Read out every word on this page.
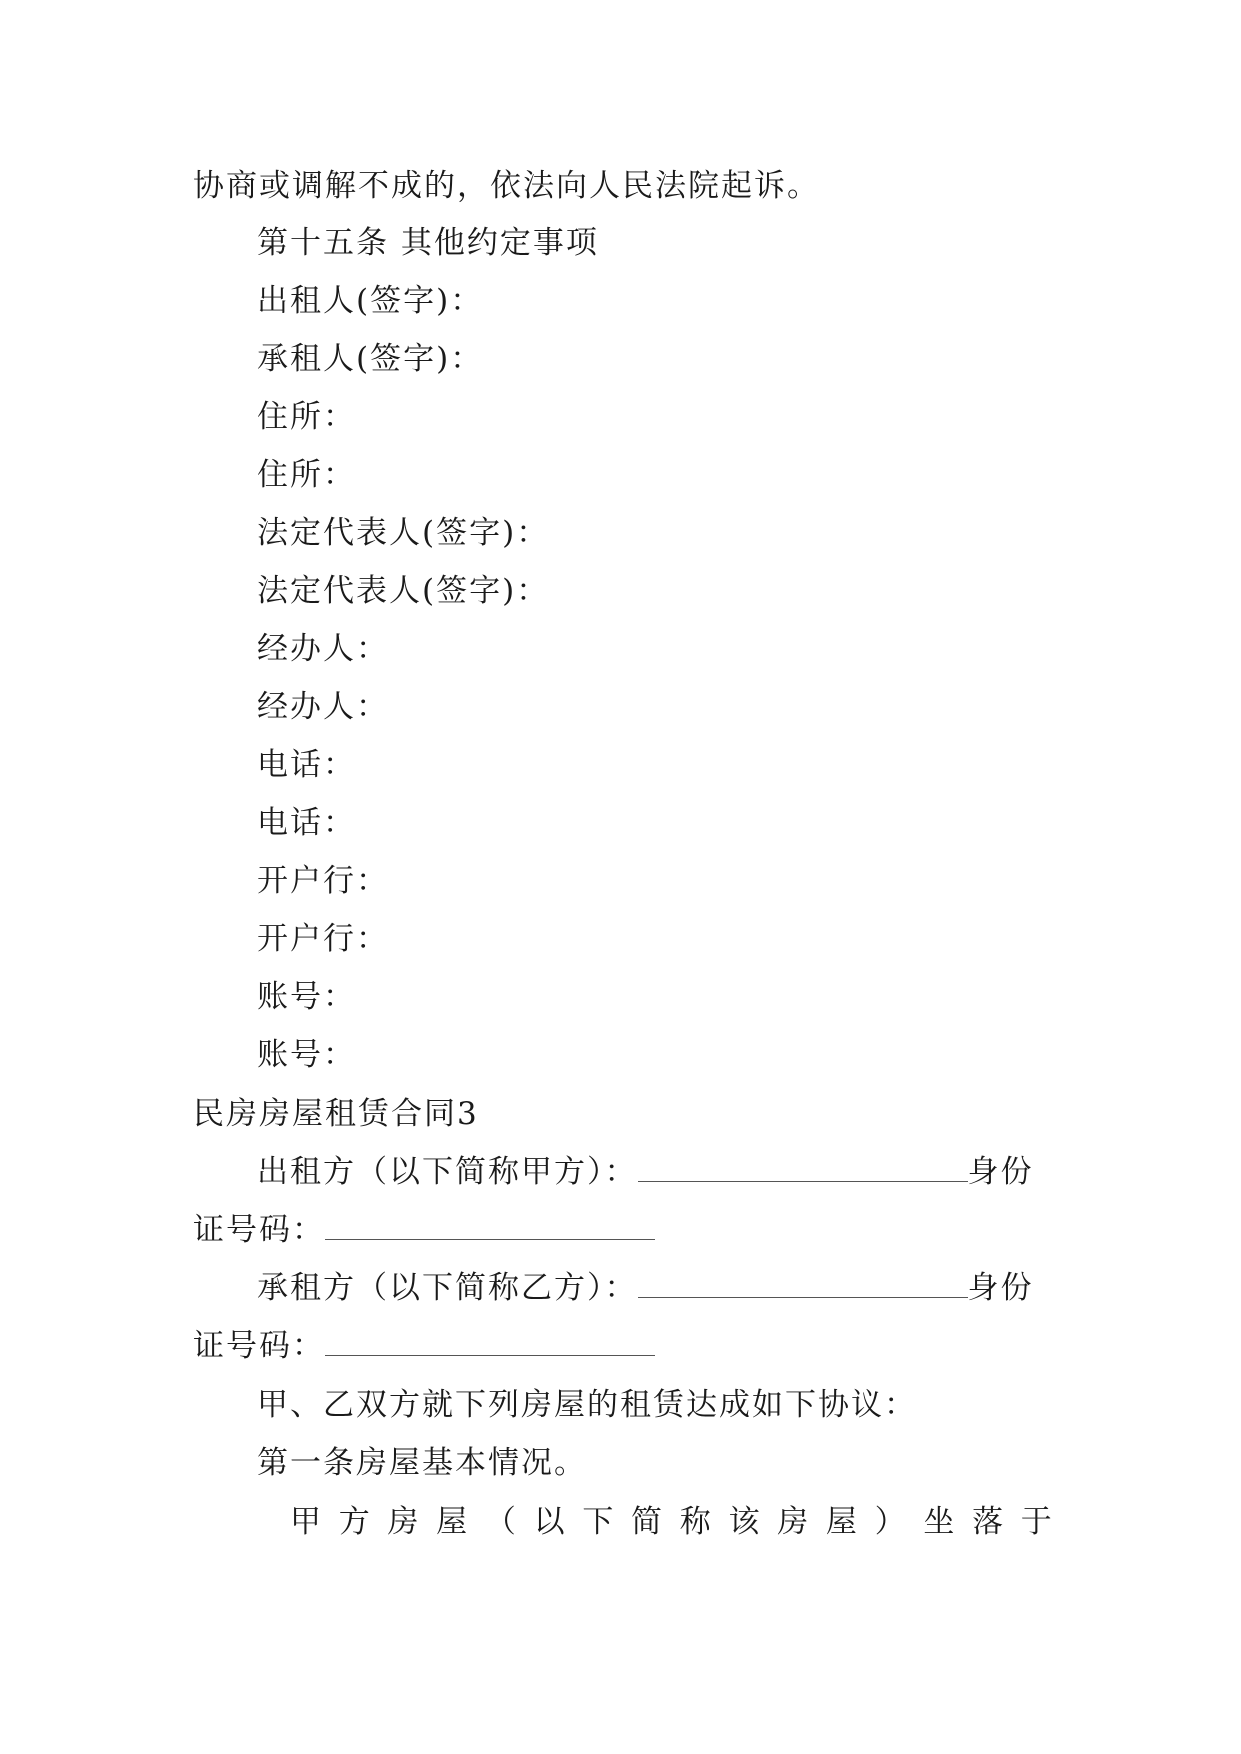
协商或调解不成的，依法向人民法院起诉。
第十五条 其他约定事项
出租人(签字)：
承租人(签字)：
住所：
住所：
法定代表人(签字)：
法定代表人(签字)：
经办人：
经办人：
电话：
电话：
开户行：
开户行：
账号：
账号：
民房房屋租赁合同3
出租方（以下简称甲方）：	身份
证号码：
承租方（以下简称乙方）：	身份
证号码：
甲、乙双方就下列房屋的租赁达成如下协议：
第一条房屋基本情况。
甲 方 房 屋 （ 以 下 简 称 该 房 屋 ） 坐 落 于
